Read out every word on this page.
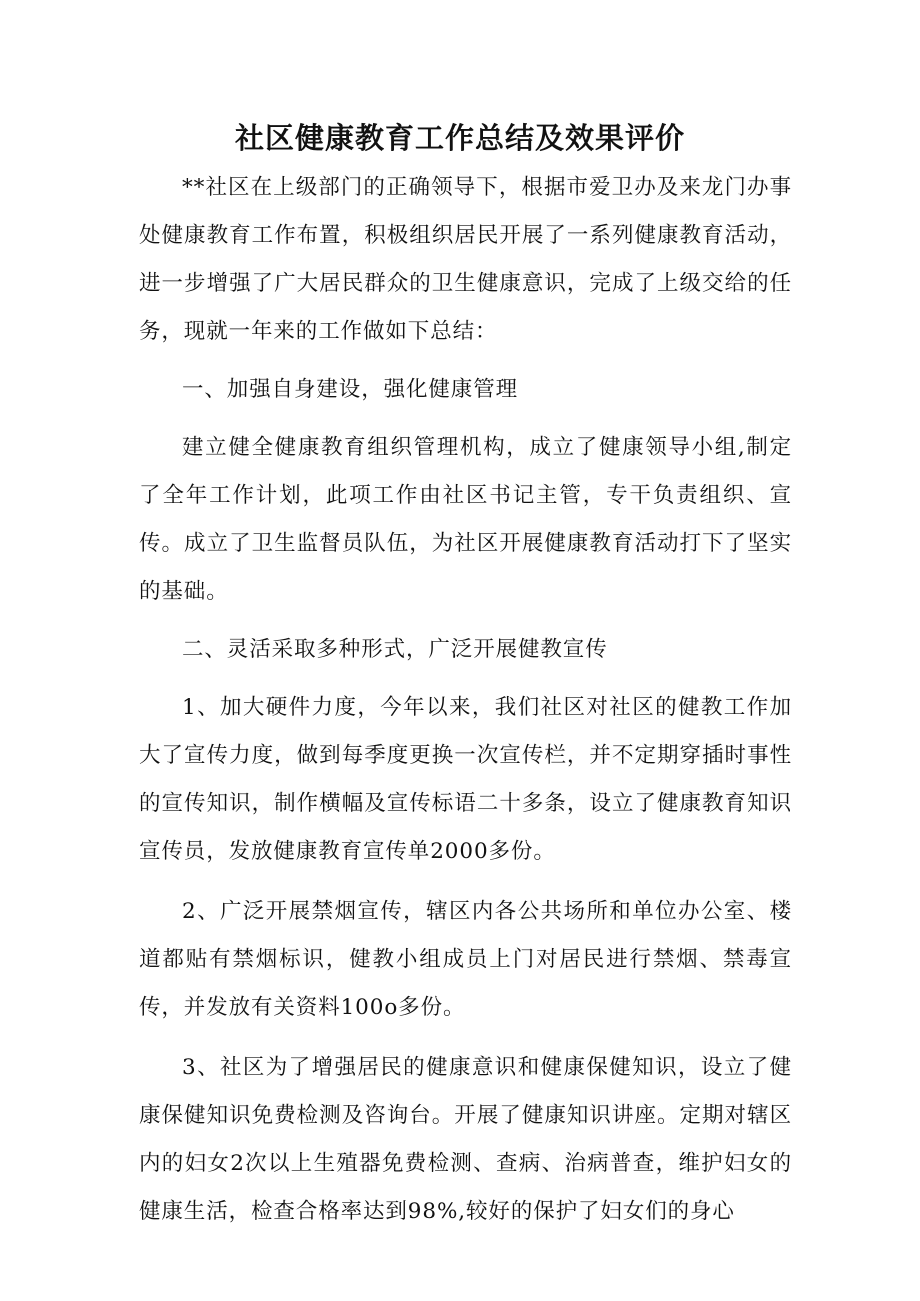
社区健康教育工作总结及效果评价

**社区在上级部门的正确领导下，根据市爱卫办及来龙门办事处健康教育工作布置，积极组织居民开展了一系列健康教育活动，进一步增强了广大居民群众的卫生健康意识，完成了上级交给的任务，现就一年来的工作做如下总结：

一、加强自身建设，强化健康管理

建立健全健康教育组织管理机构，成立了健康领导小组,制定了全年工作计划，此项工作由社区书记主管，专干负责组织、宣传。成立了卫生监督员队伍，为社区开展健康教育活动打下了坚实的基础。

二、灵活采取多种形式，广泛开展健教宣传

1、加大硬件力度，今年以来，我们社区对社区的健教工作加大了宣传力度，做到每季度更换一次宣传栏，并不定期穿插时事性的宣传知识，制作横幅及宣传标语二十多条，设立了健康教育知识宣传员，发放健康教育宣传单2000多份。

2、广泛开展禁烟宣传，辖区内各公共场所和单位办公室、楼道都贴有禁烟标识，健教小组成员上门对居民进行禁烟、禁毒宣传，并发放有关资料100o多份。

3、社区为了增强居民的健康意识和健康保健知识，设立了健康保健知识免费检测及咨询台。开展了健康知识讲座。定期对辖区内的妇女2次以上生殖器免费检测、查病、治病普查，维护妇女的健康生活，检查合格率达到98%,较好的保护了妇女们的身心
